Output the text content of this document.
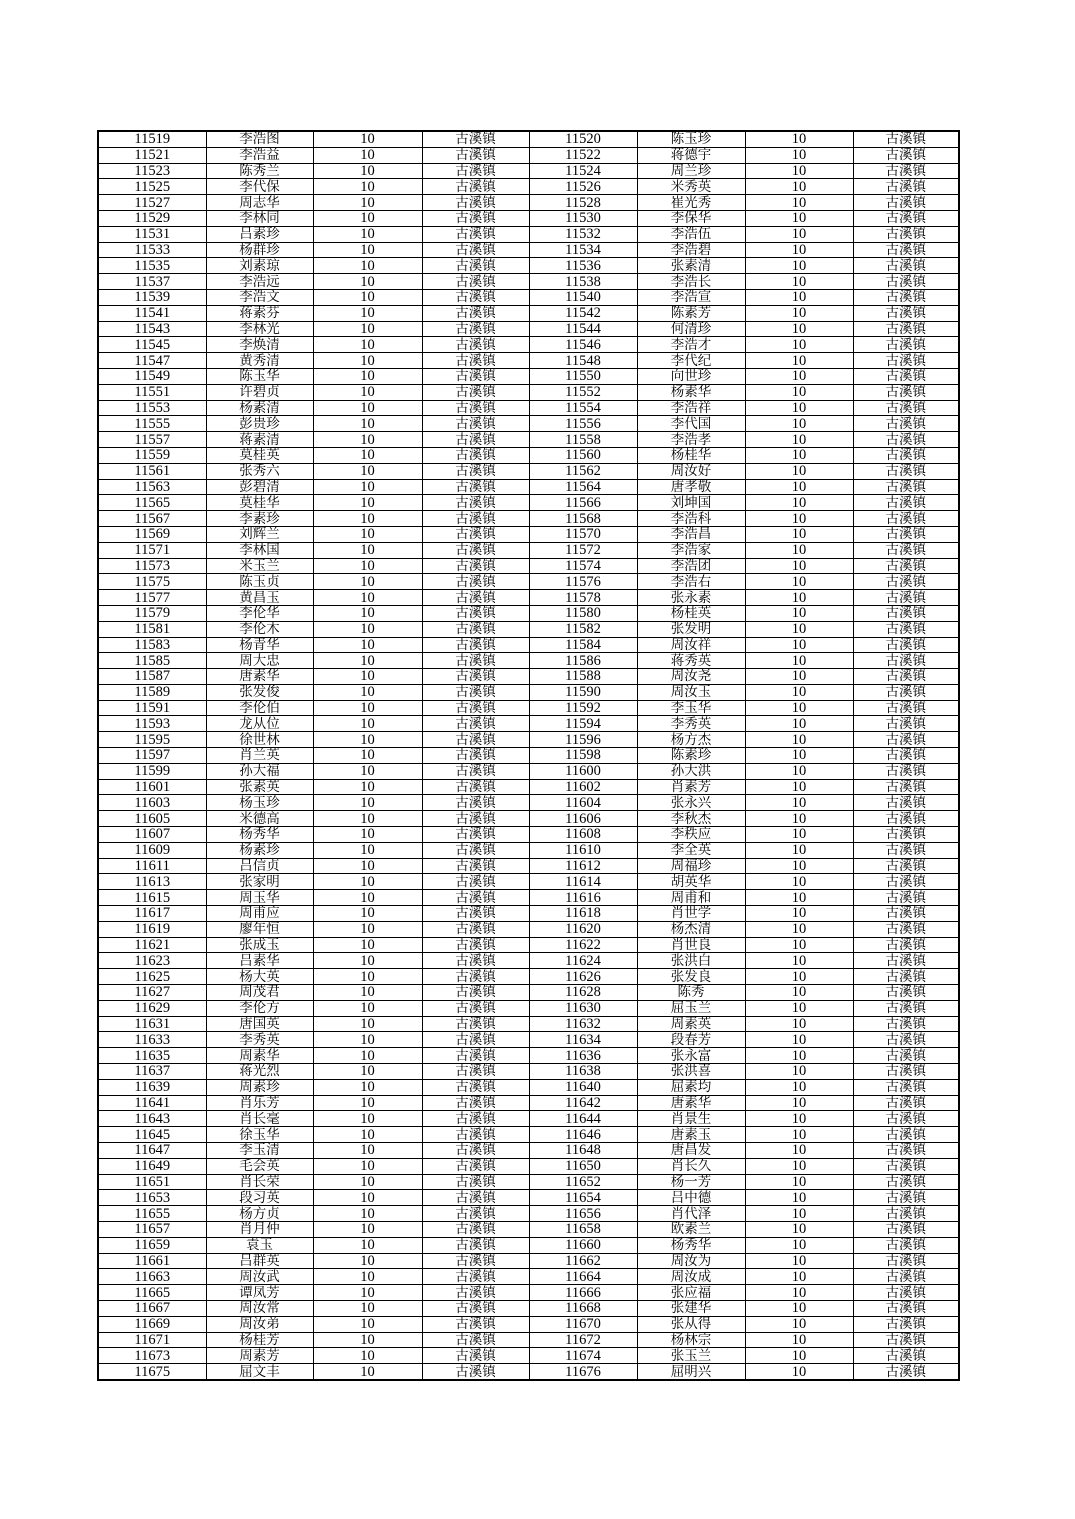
11519	李浩图	10	古溪镇	11520	陈玉珍	10	古溪镇
11521	李浩益	10	古溪镇	11522	蒋德宇	10	古溪镇
11523	陈秀兰	10	古溪镇	11524	周兰珍	10	古溪镇
11525	李代保	10	古溪镇	11526	米秀英	10	古溪镇
11527	周志华	10	古溪镇	11528	崔光秀	10	古溪镇
11529	李林同	10	古溪镇	11530	李保华	10	古溪镇
11531	吕素珍	10	古溪镇	11532	李浩伍	10	古溪镇
11533	杨群珍	10	古溪镇	11534	李浩碧	10	古溪镇
11535	刘素琼	10	古溪镇	11536	张素清	10	古溪镇
11537	李浩远	10	古溪镇	11538	李浩长	10	古溪镇
11539	李浩文	10	古溪镇	11540	李浩宣	10	古溪镇
11541	蒋素芬	10	古溪镇	11542	陈素芳	10	古溪镇
11543	李林光	10	古溪镇	11544	何清珍	10	古溪镇
11545	李焕清	10	古溪镇	11546	李浩才	10	古溪镇
11547	黄秀清	10	古溪镇	11548	李代纪	10	古溪镇
11549	陈玉华	10	古溪镇	11550	向世珍	10	古溪镇
11551	许碧贞	10	古溪镇	11552	杨素华	10	古溪镇
11553	杨素清	10	古溪镇	11554	李浩祥	10	古溪镇
11555	彭贵珍	10	古溪镇	11556	李代国	10	古溪镇
11557	蒋素清	10	古溪镇	11558	李浩孝	10	古溪镇
11559	莫桂英	10	古溪镇	11560	杨桂华	10	古溪镇
11561	张秀六	10	古溪镇	11562	周汝好	10	古溪镇
11563	彭碧清	10	古溪镇	11564	唐孝敬	10	古溪镇
11565	莫桂华	10	古溪镇	11566	刘坤国	10	古溪镇
11567	李素珍	10	古溪镇	11568	李浩科	10	古溪镇
11569	刘辉兰	10	古溪镇	11570	李浩昌	10	古溪镇
11571	李林国	10	古溪镇	11572	李浩家	10	古溪镇
11573	米玉兰	10	古溪镇	11574	李浩团	10	古溪镇
11575	陈玉贞	10	古溪镇	11576	李浩右	10	古溪镇
11577	黄昌玉	10	古溪镇	11578	张永素	10	古溪镇
11579	李伦华	10	古溪镇	11580	杨桂英	10	古溪镇
11581	李伦木	10	古溪镇	11582	张发明	10	古溪镇
11583	杨青华	10	古溪镇	11584	周汝祥	10	古溪镇
11585	周大忠	10	古溪镇	11586	蒋秀英	10	古溪镇
11587	唐素华	10	古溪镇	11588	周汝尧	10	古溪镇
11589	张发俊	10	古溪镇	11590	周汝玉	10	古溪镇
11591	李伦伯	10	古溪镇	11592	李玉华	10	古溪镇
11593	龙从位	10	古溪镇	11594	李秀英	10	古溪镇
11595	徐世林	10	古溪镇	11596	杨方杰	10	古溪镇
11597	肖兰英	10	古溪镇	11598	陈素珍	10	古溪镇
11599	孙大福	10	古溪镇	11600	孙大洪	10	古溪镇
11601	张素英	10	古溪镇	11602	肖素芳	10	古溪镇
11603	杨玉珍	10	古溪镇	11604	张永兴	10	古溪镇
11605	米德高	10	古溪镇	11606	李秋杰	10	古溪镇
11607	杨秀华	10	古溪镇	11608	李秩应	10	古溪镇
11609	杨素珍	10	古溪镇	11610	李全英	10	古溪镇
11611	吕信贞	10	古溪镇	11612	周福珍	10	古溪镇
11613	张家明	10	古溪镇	11614	胡英华	10	古溪镇
11615	周玉华	10	古溪镇	11616	周甫和	10	古溪镇
11617	周甫应	10	古溪镇	11618	肖世学	10	古溪镇
11619	廖年恒	10	古溪镇	11620	杨杰清	10	古溪镇
11621	张成玉	10	古溪镇	11622	肖世良	10	古溪镇
11623	吕素华	10	古溪镇	11624	张洪白	10	古溪镇
11625	杨大英	10	古溪镇	11626	张发良	10	古溪镇
11627	周茂君	10	古溪镇	11628	陈秀	10	古溪镇
11629	李伦方	10	古溪镇	11630	屈玉兰	10	古溪镇
11631	唐国英	10	古溪镇	11632	周素英	10	古溪镇
11633	李秀英	10	古溪镇	11634	段春芳	10	古溪镇
11635	周素华	10	古溪镇	11636	张永富	10	古溪镇
11637	蒋光烈	10	古溪镇	11638	张洪喜	10	古溪镇
11639	周素珍	10	古溪镇	11640	屈素均	10	古溪镇
11641	肖乐芳	10	古溪镇	11642	唐素华	10	古溪镇
11643	肖长毫	10	古溪镇	11644	肖景生	10	古溪镇
11645	徐玉华	10	古溪镇	11646	唐素玉	10	古溪镇
11647	李玉清	10	古溪镇	11648	唐昌发	10	古溪镇
11649	毛会英	10	古溪镇	11650	肖长久	10	古溪镇
11651	肖长荣	10	古溪镇	11652	杨一芳	10	古溪镇
11653	段习英	10	古溪镇	11654	吕中德	10	古溪镇
11655	杨方贞	10	古溪镇	11656	肖代泽	10	古溪镇
11657	肖月仲	10	古溪镇	11658	欧素兰	10	古溪镇
11659	袁玉	10	古溪镇	11660	杨秀华	10	古溪镇
11661	吕群英	10	古溪镇	11662	周汝为	10	古溪镇
11663	周汝武	10	古溪镇	11664	周汝成	10	古溪镇
11665	谭凤芳	10	古溪镇	11666	张应福	10	古溪镇
11667	周汝常	10	古溪镇	11668	张建华	10	古溪镇
11669	周汝弟	10	古溪镇	11670	张从得	10	古溪镇
11671	杨桂芳	10	古溪镇	11672	杨林宗	10	古溪镇
11673	周素芳	10	古溪镇	11674	张玉兰	10	古溪镇
11675	屈文丰	10	古溪镇	11676	屈明兴	10	古溪镇
